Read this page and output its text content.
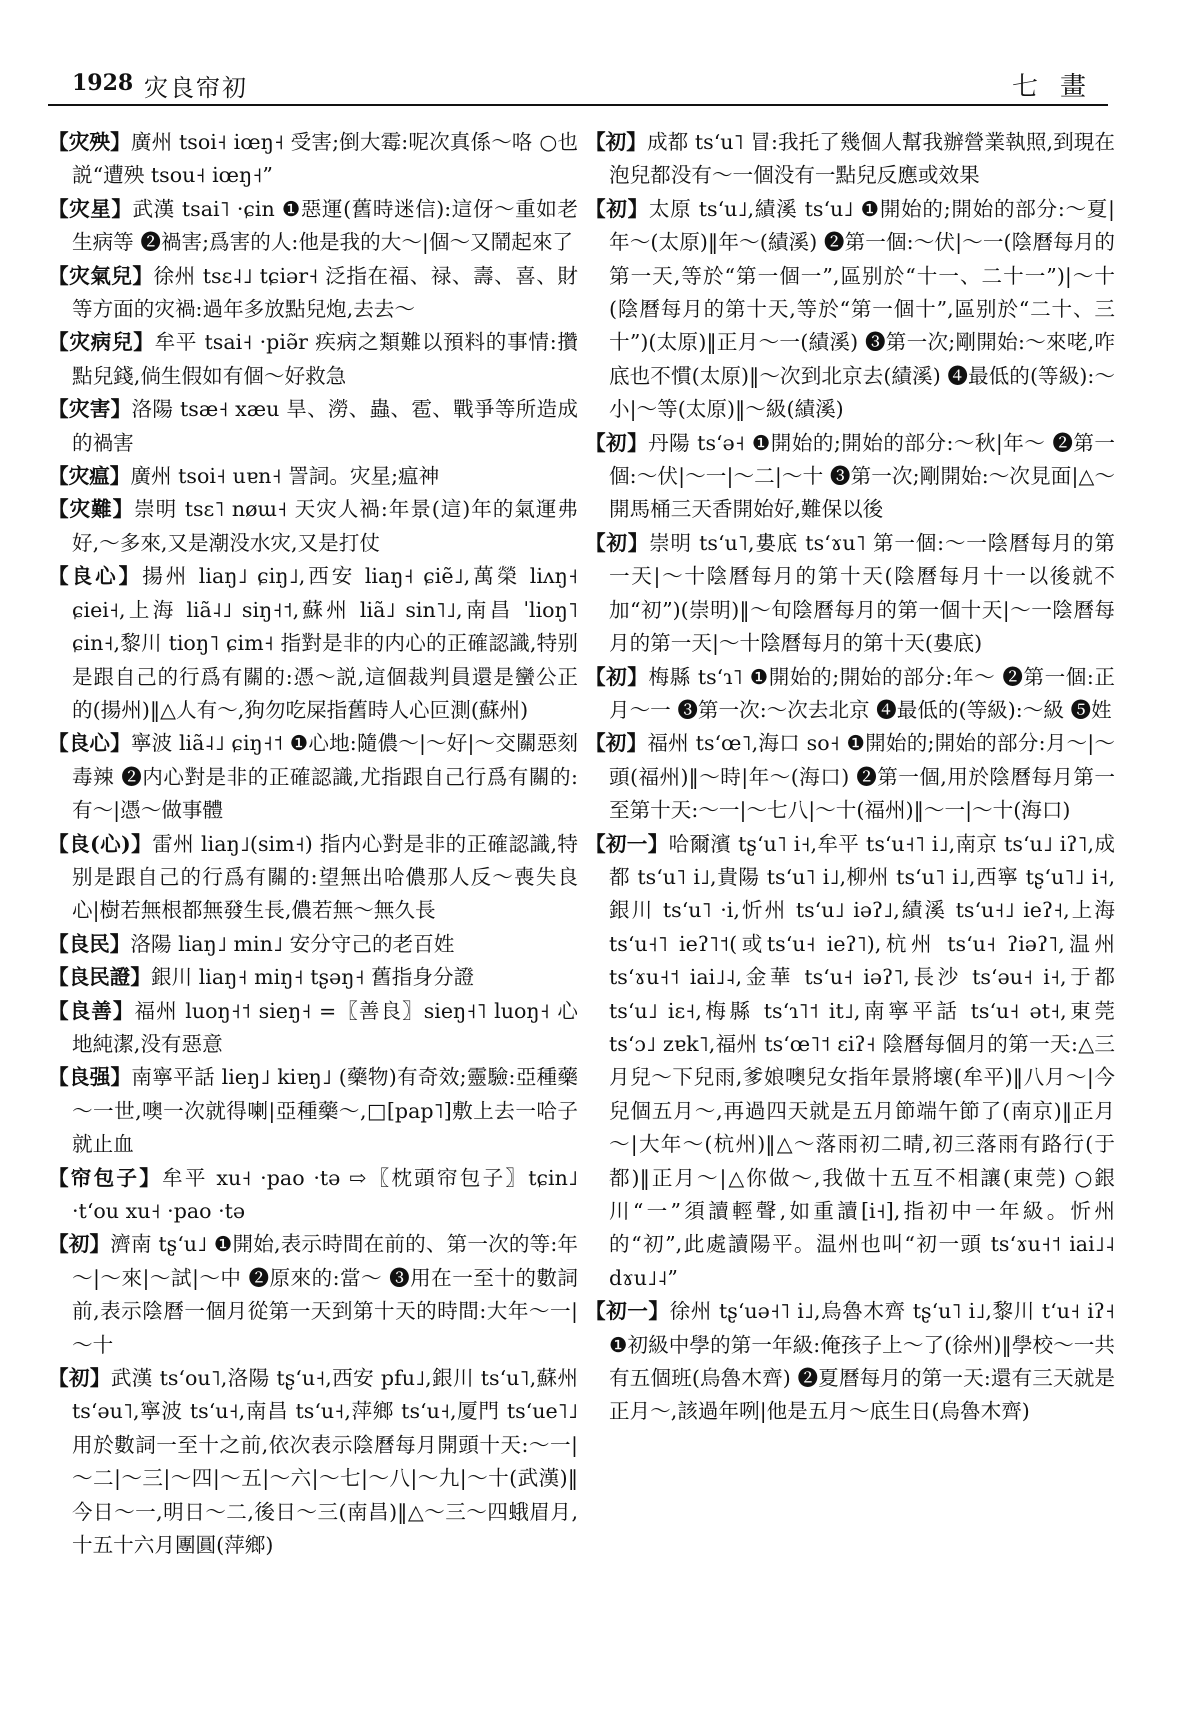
1928 灾良帘初	七畫

【灾殃】廣州 tsoi˧ iœŋ˧ 受害;倒大霉:呢次真係～咯 ○也説“遭殃 tsou˧ iœŋ˧”

【灾星】武漢 tsai˥ ·ɕin ❶惡運(舊時迷信):這伢～重如老生病等 ❷禍害;爲害的人:他是我的大～|個～又鬧起來了

【灾氣兒】徐州 tsɛ˨˩ tɕiər˧ 泛指在福、禄、壽、喜、財等方面的灾禍:過年多放點兒炮,去去～

【灾病兒】牟平 tsai˧ ·piə̃r 疾病之類難以預料的事情:攢點兒錢,倘生假如有個～好救急

【灾害】洛陽 tsæ˧ xæu 旱、澇、蟲、雹、戰爭等所造成的禍害

【灾瘟】廣州 tsoi˧ uɐn˧ 詈詞。灾星;瘟神

【灾難】崇明 tsɛ˥ nøɯ˧ 天灾人禍:年景(這)年的氣運弗好,～多來,又是潮没水灾,又是打仗

【良心】揚州 liaŋ˩ ɕiŋ˩,西安 liaŋ˧ ɕiẽ˩,萬榮 liʌŋ˧ ɕiei˧,上海 liã˨˩ siŋ˧˦,蘇州 liã˩ sin˥˩,南昌 ˈlioŋ˥ ɕin˧,黎川 tioŋ˥ ɕim˧ 指對是非的内心的正確認識,特别是跟自己的行爲有關的:憑～説,這個裁判員還是蠻公正的(揚州)‖△人有～,狗勿吃屎指舊時人心叵測(蘇州)

【良心】寧波 liã˨˩ ɕiŋ˧˦ ❶心地:隨儂～|～好|～交關惡刻毒辣 ❷内心對是非的正確認識,尤指跟自己行爲有關的:有～|憑～做事體

【良(心)】雷州 liaŋ˩(sim˧) 指内心對是非的正確認識,特别是跟自己的行爲有關的:望無出哈儂那人反～喪失良心|樹若無根都無發生長,儂若無～無久長

【良民】洛陽 liaŋ˩ min˩ 安分守己的老百姓

【良民證】銀川 liaŋ˧ miŋ˧ tʂəŋ˧ 舊指身分證

【良善】福州 luoŋ˧˦ sieŋ˧ =〖善良〗sieŋ˧˥ luoŋ˧ 心地純潔,没有惡意

【良强】南寧平話 lieŋ˩ kiɐŋ˩ (藥物)有奇效;靈驗:亞種藥～一世,噢一次就得喇|亞種藥～,□[pap˥]敷上去一哈子就止血

【帘包子】牟平 xu˧ ·pao ·tə ⇨〖枕頭帘包子〗tɕin˩ ·tʻou xu˧ ·pao ·tə

【初】濟南 tʂʻu˩ ❶開始,表示時間在前的、第一次的等:年～|～來|～試|～中 ❷原來的:當～ ❸用在一至十的數詞前,表示陰曆一個月從第一天到第十天的時間:大年～一|～十

【初】武漢 tsʻou˥,洛陽 tʂʻu˧,西安 pfu˩,銀川 tsʻu˥,蘇州 tsʻəu˥,寧波 tsʻu˧,南昌 tsʻu˧,萍鄉 tsʻu˧,厦門 tsʻue˥˩ 用於數詞一至十之前,依次表示陰曆每月開頭十天:～一|～二|～三|～四|～五|～六|～七|～八|～九|～十(武漢)‖今日～一,明日～二,後日～三(南昌)‖△～三～四蛾眉月,十五十六月團圓(萍鄉)

【初】成都 tsʻu˥ 冒:我托了幾個人幫我辦營業執照,到現在泡兒都没有～一個没有一點兒反應或效果

【初】太原 tsʻu˩,績溪 tsʻu˩ ❶開始的;開始的部分:～夏|年～(太原)‖年～(績溪) ❷第一個:～伏|～一(陰曆每月的第一天,等於“第一個一”,區别於“十一、二十一”)|～十(陰曆每月的第十天,等於“第一個十”,區别於“二十、三十”)(太原)‖正月～一(績溪) ❸第一次;剛開始:～來咾,咋底也不慣(太原)‖～次到北京去(績溪) ❹最低的(等級):～小|～等(太原)‖～級(績溪)

【初】丹陽 tsʻə˧ ❶開始的;開始的部分:～秋|年～ ❷第一個:～伏|～一|～二|～十 ❸第一次;剛開始:～次見面|△～開馬桶三天香開始好,難保以後

【初】崇明 tsʻu˥,婁底 tsʻɤu˥ 第一個:～一陰曆每月的第一天|～十陰曆每月的第十天(陰曆每月十一以後就不加“初”)(崇明)‖～旬陰曆每月的第一個十天|～一陰曆每月的第一天|～十陰曆每月的第十天(婁底)

【初】梅縣 tsʻɿ˥ ❶開始的;開始的部分:年～ ❷第一個:正月～一 ❸第一次:～次去北京 ❹最低的(等級):～級 ❺姓

【初】福州 tsʻœ˥,海口 so˧ ❶開始的;開始的部分:月～|～頭(福州)‖～時|年～(海口) ❷第一個,用於陰曆每月第一至第十天:～一|～七八|～十(福州)‖～一|～十(海口)

【初一】哈爾濱 tʂʻu˥ i˧,牟平 tsʻu˧˥ i˩,南京 tsʻu˩ iʔ˥,成都 tsʻu˥ i˩,貴陽 tsʻu˥ i˩,柳州 tsʻu˥ i˩,西寧 tʂʻu˥˩ i˧,銀川 tsʻu˥ ·i,忻州 tsʻu˩ iəʔ˩,績溪 tsʻu˧˩ ieʔ˧,上海 tsʻu˧˥ ieʔ˥˦(或tsʻu˧ ieʔ˥),杭州 tsʻu˧ ʔiəʔ˥,温州 tsʻɤu˧˦ iai˩˨,金華 tsʻu˧ iəʔ˥,長沙 tsʻəu˧ i˧,于都 tsʻu˩ iɛ˧,梅縣 tsʻɿ˥˦ it˩,南寧平話 tsʻu˧ ət˧,東莞 tsʻɔ˩ zɐk˥,福州 tsʻœ˥˦ ɛiʔ˧ 陰曆每個月的第一天:△三月兒～下兒雨,爹娘噢兒女指年景將壞(牟平)‖八月～|今兒個五月～,再過四天就是五月節端午節了(南京)‖正月～|大年～(杭州)‖△～落雨初二晴,初三落雨有路行(于都)‖正月～|△你做～,我做十五互不相讓(東莞) ○銀川“一”須讀輕聲,如重讀[i˧],指初中一年級。忻州的“初”,此處讀陽平。温州也叫“初一頭 tsʻɤu˧˦ iai˩˨ dɤu˩˨”

【初一】徐州 tʂʻuə˧˥ i˩,烏魯木齊 tʂʻu˥ i˩,黎川 tʻu˧ iʔ˧ ❶初級中學的第一年級:俺孩子上～了(徐州)‖學校～一共有五個班(烏魯木齊) ❷夏曆每月的第一天:還有三天就是正月～,該過年咧|他是五月～底生日(烏魯木齊)
